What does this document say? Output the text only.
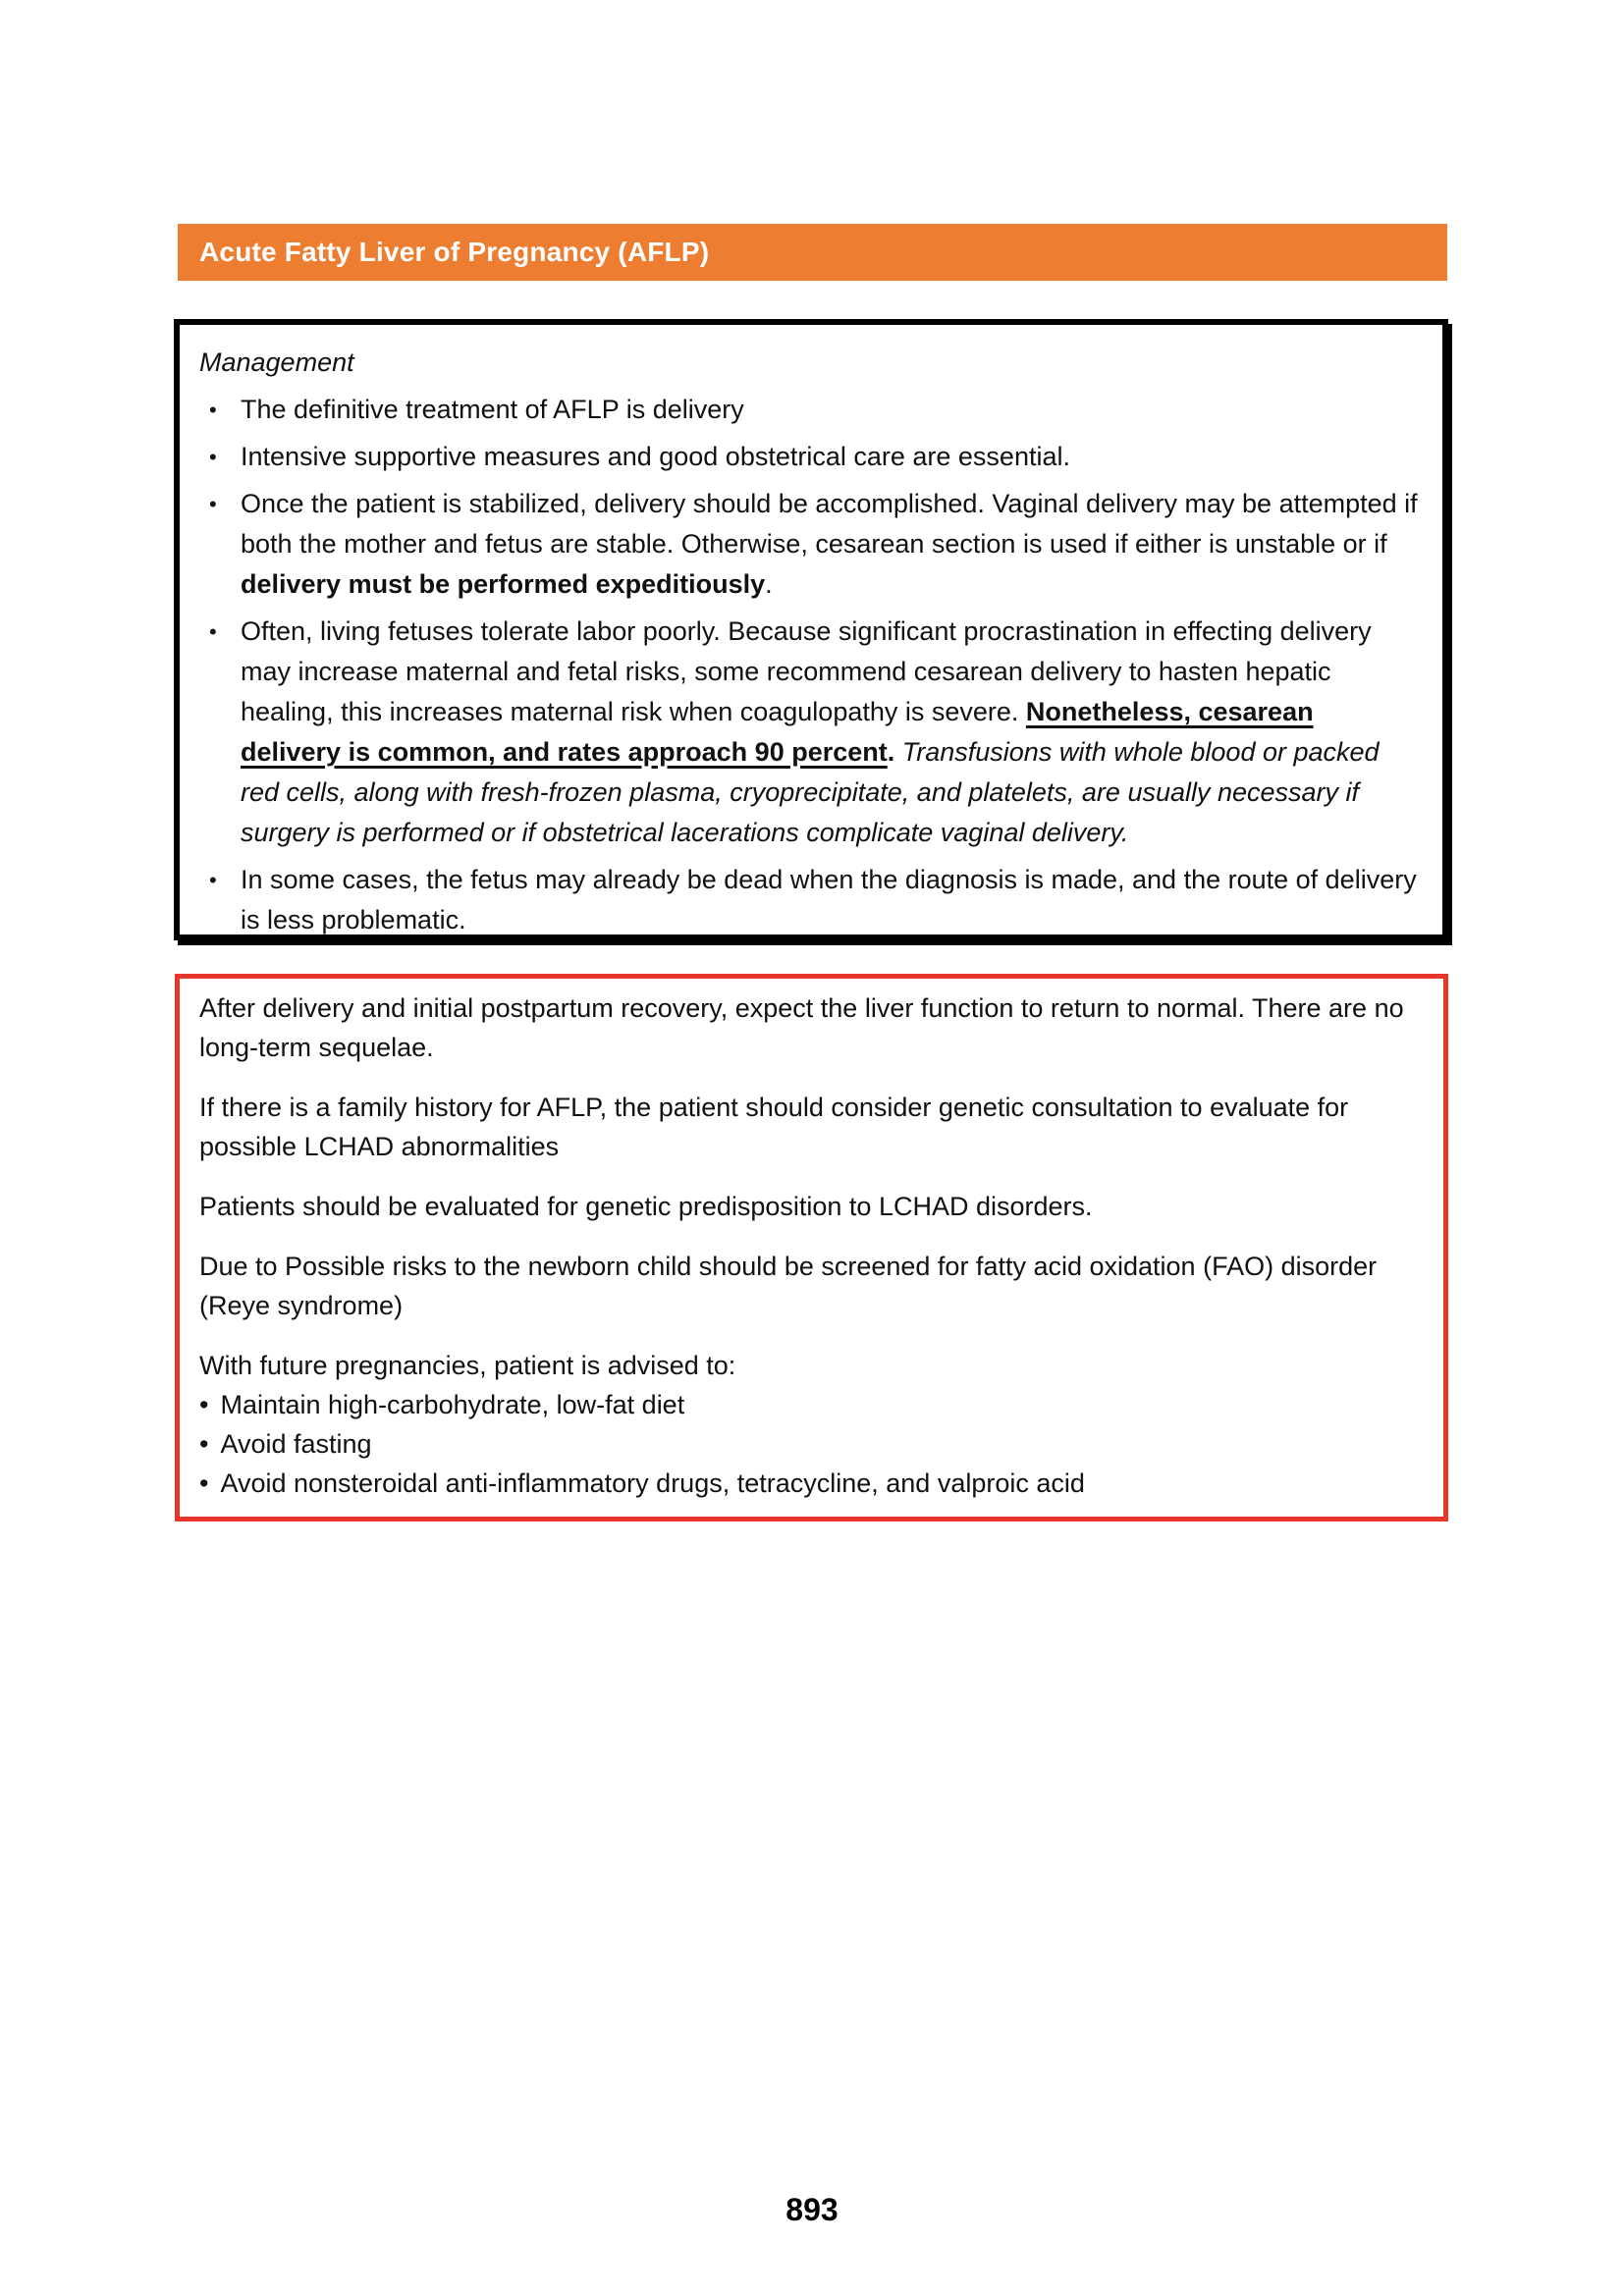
Acute Fatty Liver of Pregnancy (AFLP)
Management
• The definitive treatment of AFLP is delivery
• Intensive supportive measures and good obstetrical care are essential.
• Once the patient is stabilized, delivery should be accomplished. Vaginal delivery may be attempted if both the mother and fetus are stable. Otherwise, cesarean section is used if either is unstable or if delivery must be performed expeditiously.
• Often, living fetuses tolerate labor poorly. Because significant procrastination in effecting delivery may increase maternal and fetal risks, some recommend cesarean delivery to hasten hepatic healing, this increases maternal risk when coagulopathy is severe. Nonetheless, cesarean delivery is common, and rates approach 90 percent. Transfusions with whole blood or packed red cells, along with fresh-frozen plasma, cryoprecipitate, and platelets, are usually necessary if surgery is performed or if obstetrical lacerations complicate vaginal delivery.
• In some cases, the fetus may already be dead when the diagnosis is made, and the route of delivery is less problematic.

After delivery and initial postpartum recovery, expect the liver function to return to normal. There are no long-term sequelae.

If there is a family history for AFLP, the patient should consider genetic consultation to evaluate for possible LCHAD abnormalities

Patients should be evaluated for genetic predisposition to LCHAD disorders.

Due to Possible risks to the newborn child should be screened for fatty acid oxidation (FAO) disorder (Reye syndrome)

With future pregnancies, patient is advised to:
• Maintain high-carbohydrate, low-fat diet
• Avoid fasting
• Avoid nonsteroidal anti-inflammatory drugs, tetracycline, and valproic acid
893
